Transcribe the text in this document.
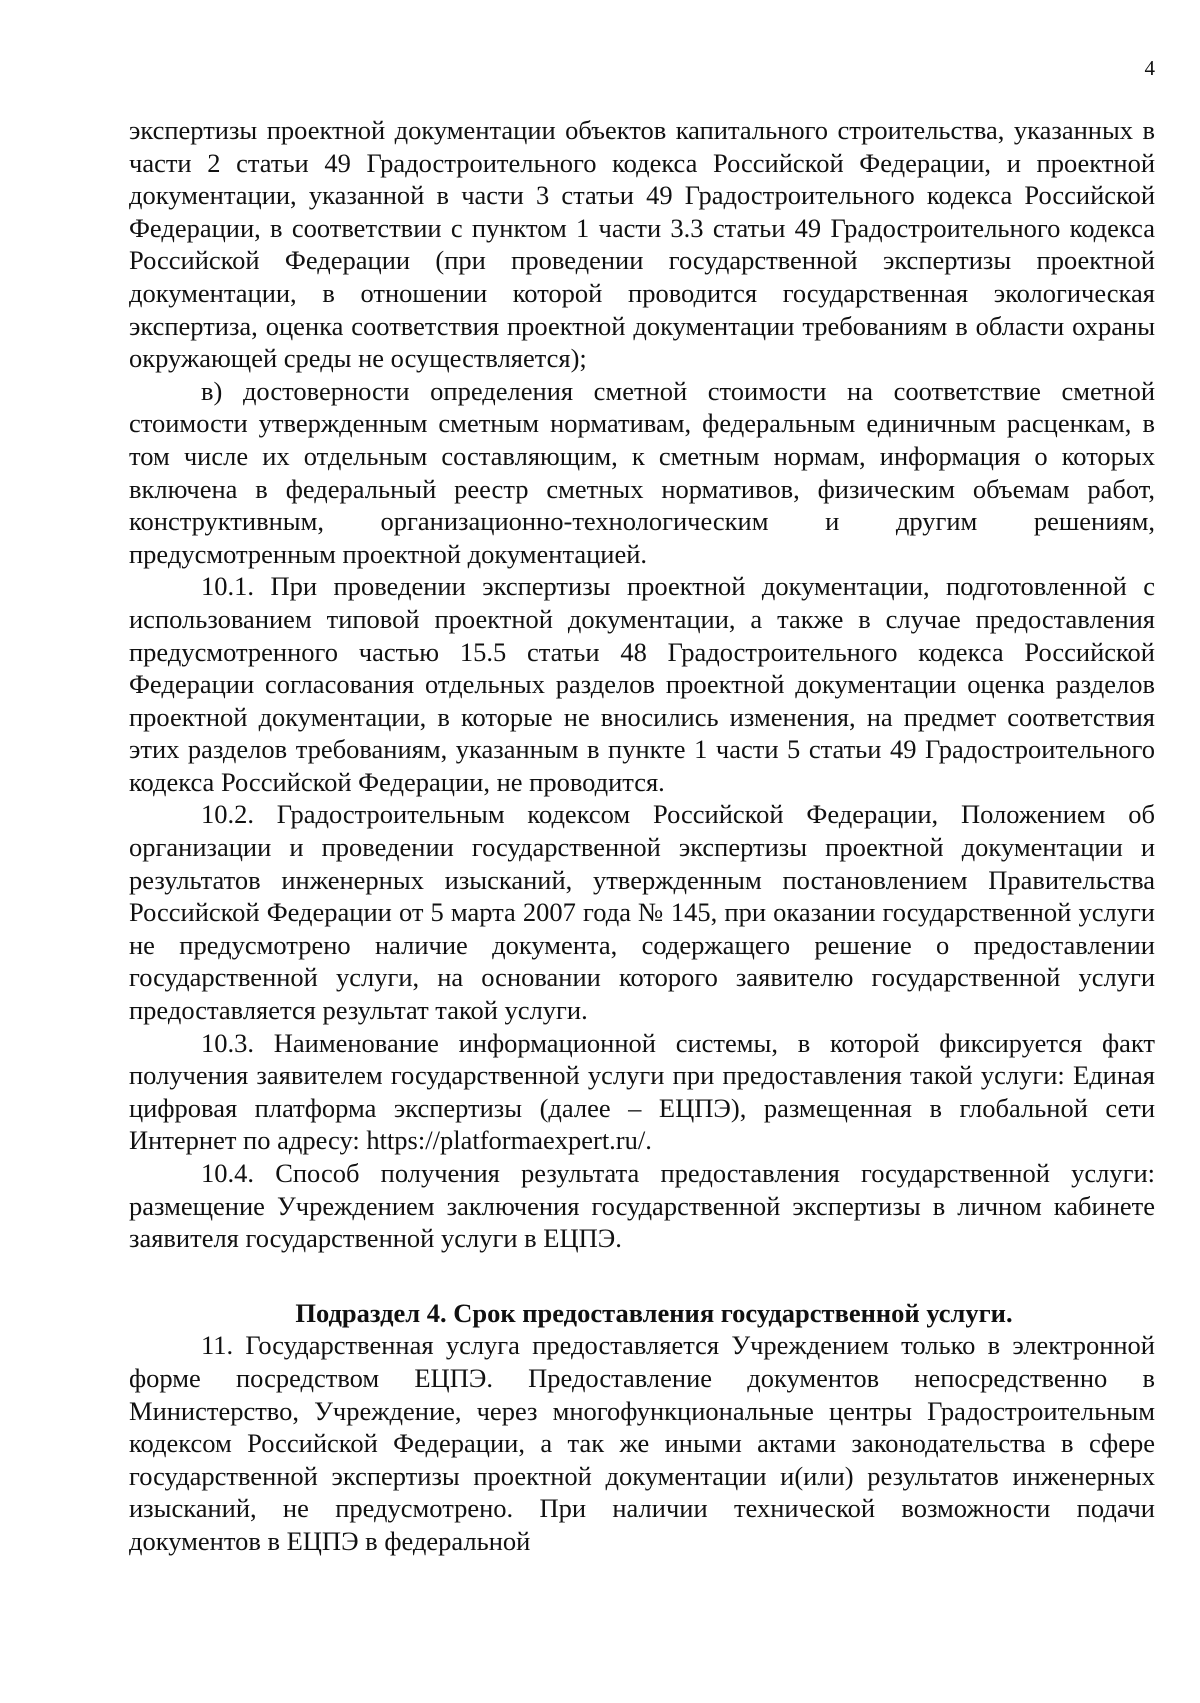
4

экспертизы проектной документации объектов капитального строительства, указанных в части 2 статьи 49 Градостроительного кодекса Российской Федерации, и проектной документации, указанной в части 3 статьи 49 Градостроительного кодекса Российской Федерации, в соответствии с пунктом 1 части 3.3 статьи 49 Градостроительного кодекса Российской Федерации (при проведении государственной экспертизы проектной документации, в отношении которой проводится государственная экологическая экспертиза, оценка соответствия проектной документации требованиям в области охраны окружающей среды не осуществляется);

в) достоверности определения сметной стоимости на соответствие сметной стоимости утвержденным сметным нормативам, федеральным единичным расценкам, в том числе их отдельным составляющим, к сметным нормам, информация о которых включена в федеральный реестр сметных нормативов, физическим объемам работ, конструктивным, организационно-технологическим и другим решениям, предусмотренным проектной документацией.

10.1. При проведении экспертизы проектной документации, подготовленной с использованием типовой проектной документации, а также в случае предоставления предусмотренного частью 15.5 статьи 48 Градостроительного кодекса Российской Федерации согласования отдельных разделов проектной документации оценка разделов проектной документации, в которые не вносились изменения, на предмет соответствия этих разделов требованиям, указанным в пункте 1 части 5 статьи 49 Градостроительного кодекса Российской Федерации, не проводится.

10.2. Градостроительным кодексом Российской Федерации, Положением об организации и проведении государственной экспертизы проектной документации и результатов инженерных изысканий, утвержденным постановлением Правительства Российской Федерации от 5 марта 2007 года № 145, при оказании государственной услуги не предусмотрено наличие документа, содержащего решение о предоставлении государственной услуги, на основании которого заявителю государственной услуги предоставляется результат такой услуги.

10.3. Наименование информационной системы, в которой фиксируется факт получения заявителем государственной услуги при предоставления такой услуги: Единая цифровая платформа экспертизы (далее – ЕЦПЭ), размещенная в глобальной сети Интернет по адресу: https://platformaexpert.ru/.

10.4. Способ получения результата предоставления государственной услуги: размещение Учреждением заключения государственной экспертизы в личном кабинете заявителя государственной услуги в ЕЦПЭ.

Подраздел 4. Срок предоставления государственной услуги.

11. Государственная услуга предоставляется Учреждением только в электронной форме посредством ЕЦПЭ. Предоставление документов непосредственно в Министерство, Учреждение, через многофункциональные центры Градостроительным кодексом Российской Федерации, а так же иными актами законодательства в сфере государственной экспертизы проектной документации и(или) результатов инженерных изысканий, не предусмотрено. При наличии технической возможности подачи документов в ЕЦПЭ в федеральной
